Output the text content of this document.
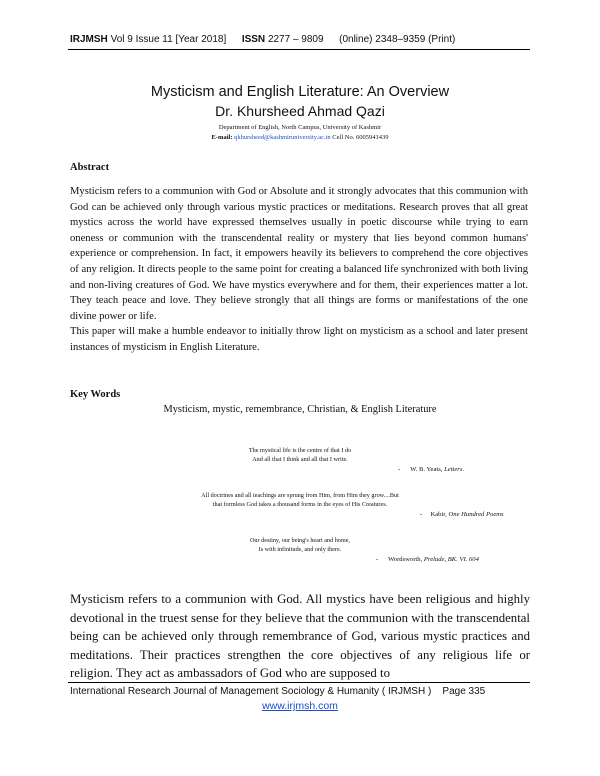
IRJMSH Vol 9 Issue 11 [Year 2018] ISSN 2277 – 9809 (0nline) 2348–9359 (Print)
Mysticism and English Literature: An Overview
Dr. Khursheed Ahmad Qazi
Department of English, North Campus, University of Kashmir
E-mail: qkhursheed@kashmiruniversity.ac.in Cell No. 6005941439
Abstract

Mysticism refers to a communion with God or Absolute and it strongly advocates that this communion with God can be achieved only through various mystic practices or meditations. Research proves that all great mystics across the world have expressed themselves usually in poetic discourse while trying to earn oneness or communion with the transcendental reality or mystery that lies beyond common humans' experience or comprehension. In fact, it empowers heavily its believers to comprehend the core objectives of any religion. It directs people to the same point for creating a balanced life synchronized with both living and non-living creatures of God. We have mystics everywhere and for them, their experiences matter a lot. They teach peace and love. They believe strongly that all things are forms or manifestations of the one divine power or life.

This paper will make a humble endeavor to initially throw light on mysticism as a school and later present instances of mysticism in English Literature.

Key Words
Mysticism, mystic, remembrance, Christian, & English Literature
The mystical life is the centre of that I do
And all that I think and all that I write.
-      W. B. Yeats, Letters.
All doctrines and all teachings are sprung from Him, from Him they grow....But
that formless God takes a thousand forms in the eyes of His Creatures.
-     Kabir, One Hundred Poems
Our destiny, our being's heart and home,
Is with infinitude, and only there.
-      Wordsworth, Prelude, BK. VI. 604

Mysticism refers to a communion with God. All mystics have been religious and highly devotional in the truest sense for they believe that the communion with the transcendental being can be achieved only through remembrance of God, various mystic practices and meditations. Their practices strengthen the core objectives of any religious life or religion. They act as ambassadors of God who are supposed to

International Research Journal of Management Sociology & Humanity ( IRJMSH ) Page 335
www.irjmsh.com
